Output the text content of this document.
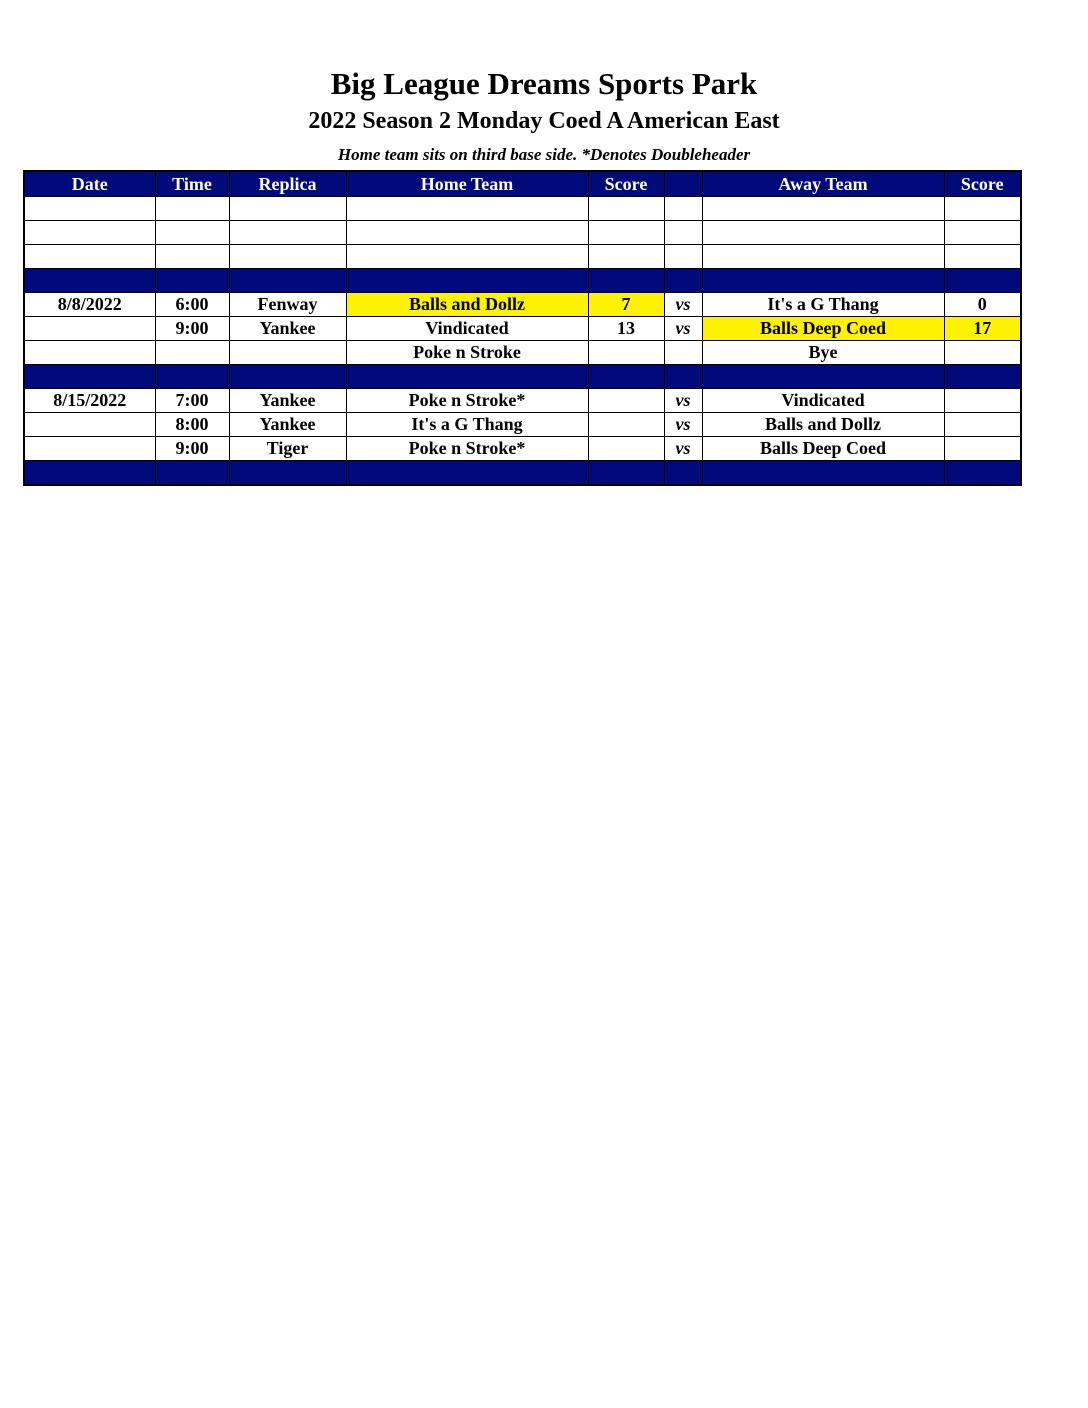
Big League Dreams Sports Park
2022 Season 2 Monday Coed A American East
Home team sits on third base side. *Denotes Doubleheader
Date	Time	Replica	Home Team	Score		Away Team	Score

8/8/2022	6:00	Fenway	Balls and Dollz	7	vs	It's a G Thang	0
	9:00	Yankee	Vindicated	13	vs	Balls Deep Coed	17
			Poke n Stroke			Bye	

8/15/2022	7:00	Yankee	Poke n Stroke*		vs	Vindicated	
	8:00	Yankee	It's a G Thang		vs	Balls and Dollz	
	9:00	Tiger	Poke n Stroke*		vs	Balls Deep Coed	
